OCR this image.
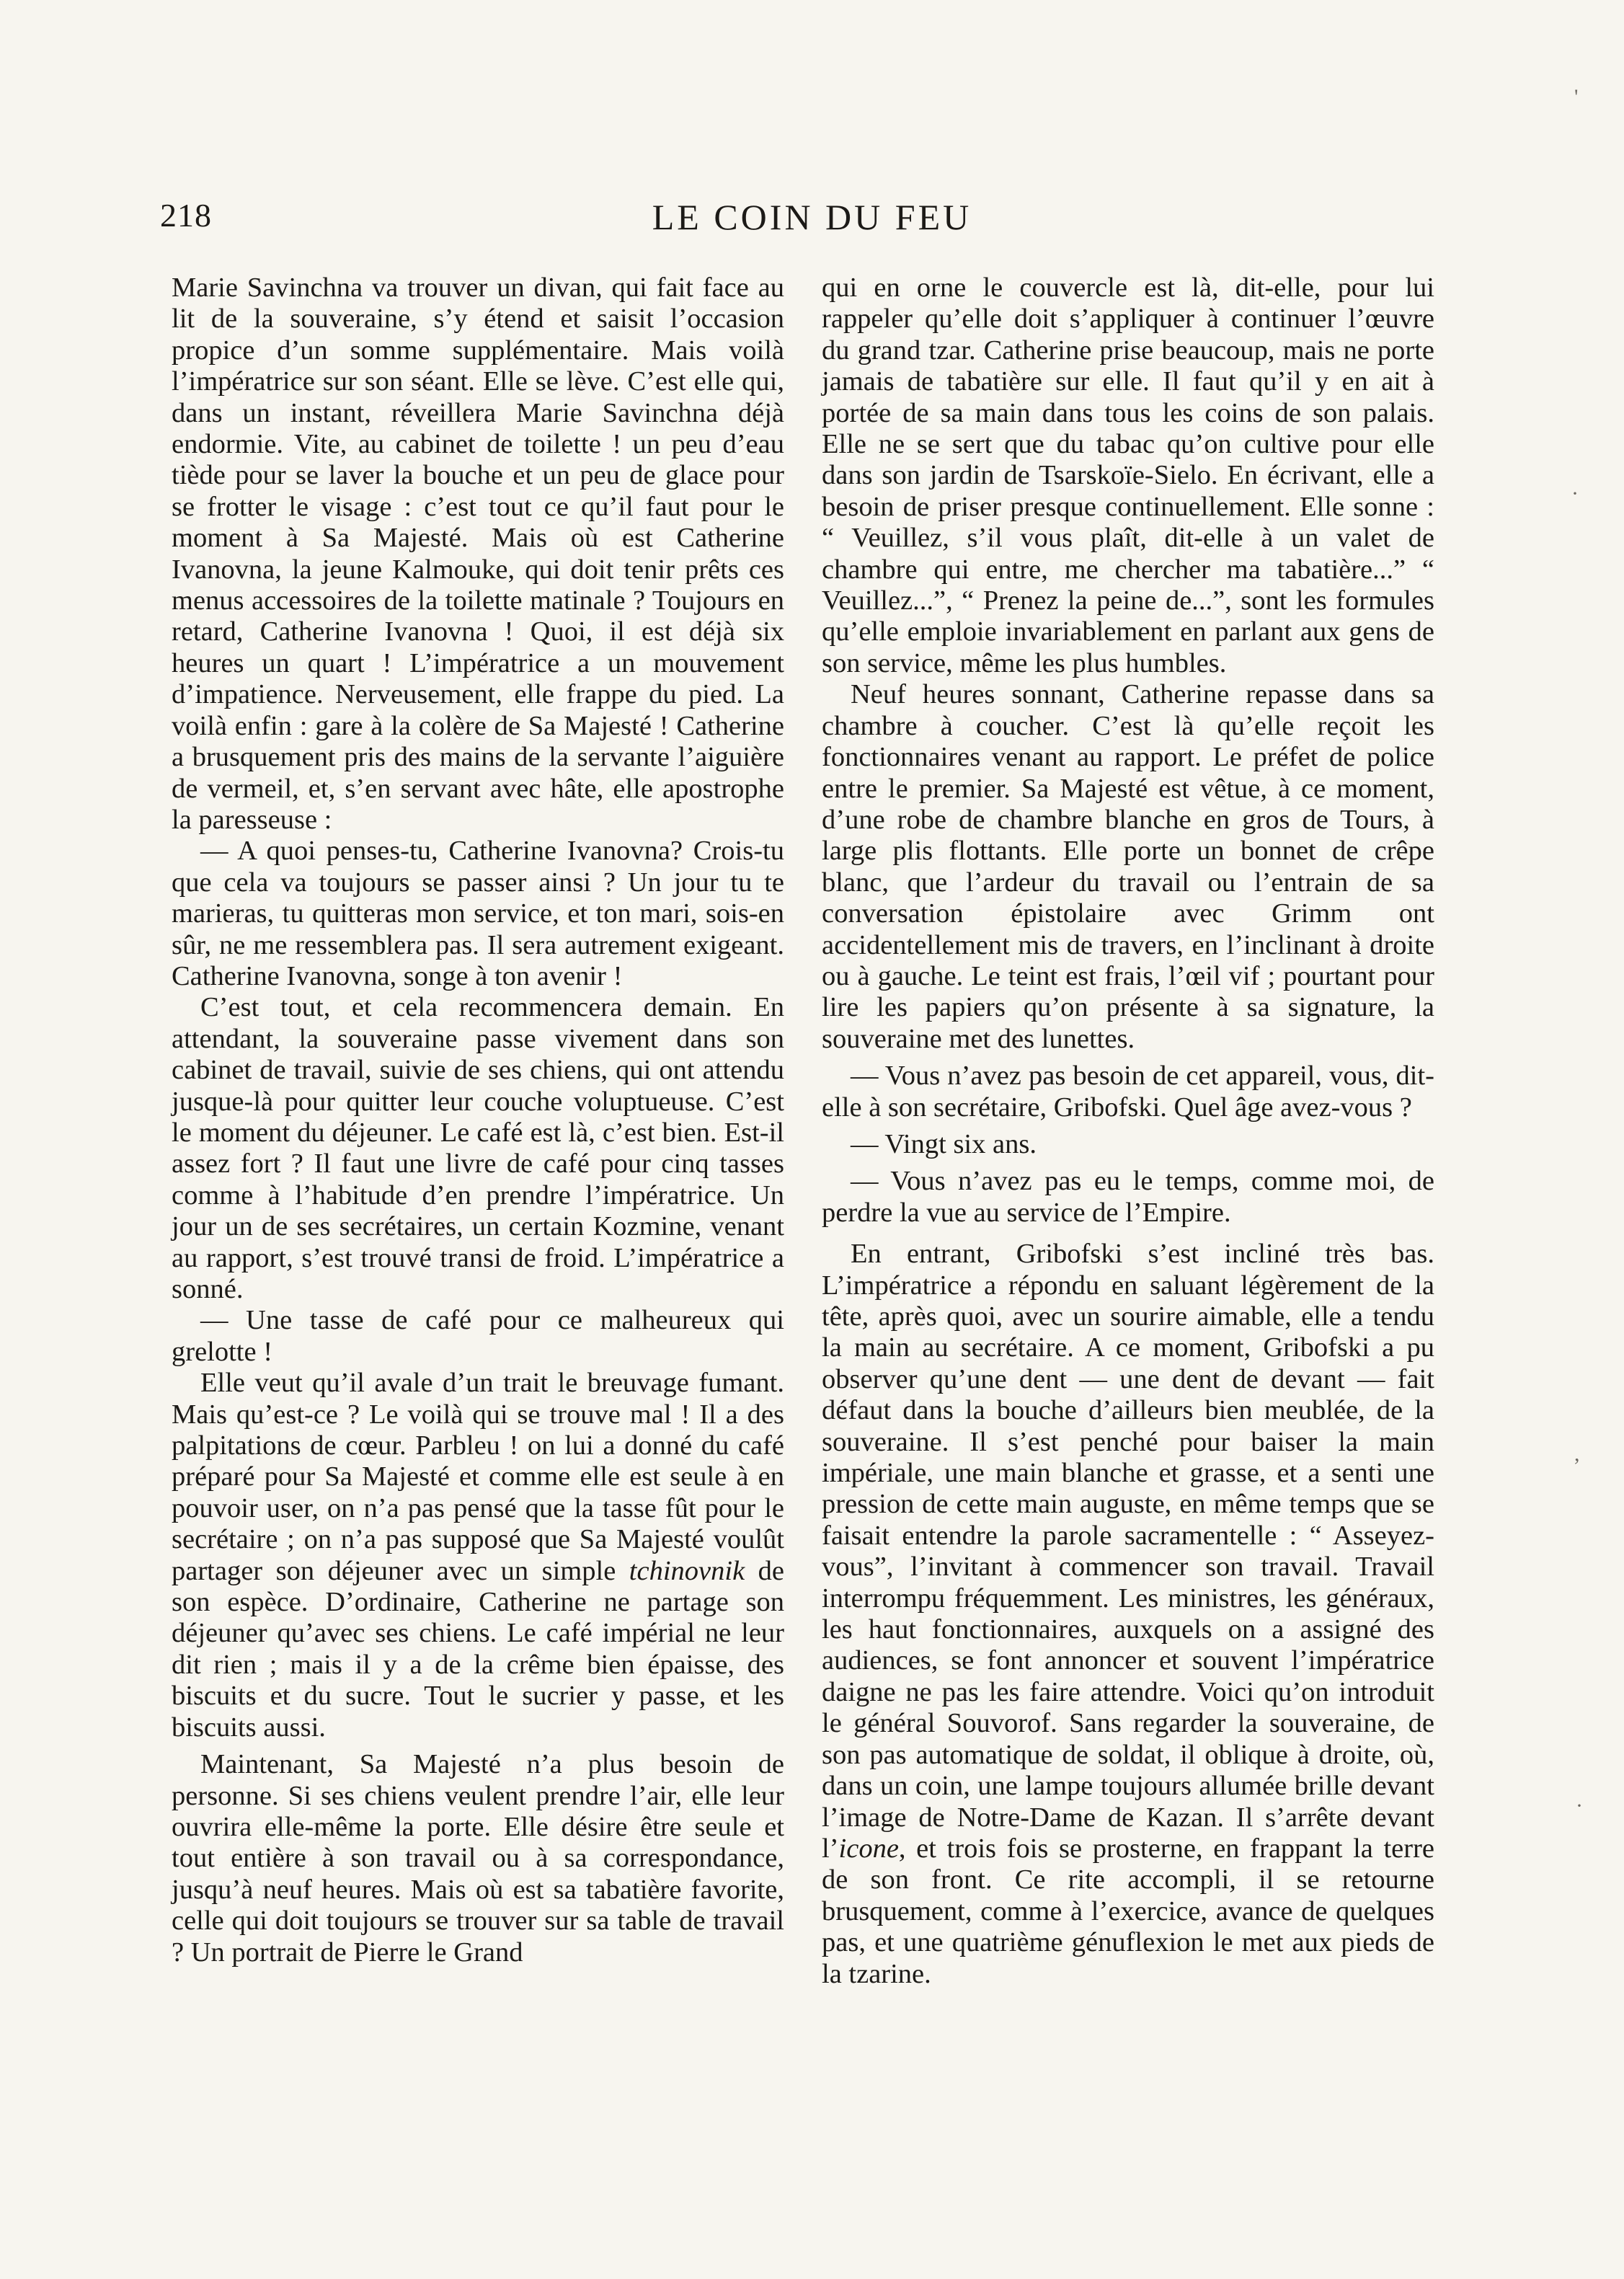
218	LE COIN DU FEU

Marie Savinchna va trouver un divan, qui fait face au lit de la souveraine, s’y étend et saisit l’occasion propice d’un somme supplémentaire. Mais voilà l’impératrice sur son séant. Elle se lève. C’est elle qui, dans un instant, réveillera Marie Savinchna déjà endormie. Vite, au cabinet de toilette ! un peu d’eau tiède pour se laver la bouche et un peu de glace pour se frotter le visage : c’est tout ce qu’il faut pour le moment à Sa Majesté. Mais où est Catherine Ivanovna, la jeune Kalmouke, qui doit tenir prêts ces menus accessoires de la toilette matinale ? Toujours en retard, Catherine Ivanovna ! Quoi, il est déjà six heures un quart ! L’impératrice a un mouvement d’impatience. Nerveusement, elle frappe du pied. La voilà enfin : gare à la colère de Sa Majesté ! Catherine a brusquement pris des mains de la servante l’aiguière de vermeil, et, s’en servant avec hâte, elle apostrophe la paresseuse :

— A quoi penses-tu, Catherine Ivanovna? Crois-tu que cela va toujours se passer ainsi ? Un jour tu te marieras, tu quitteras mon service, et ton mari, sois-en sûr, ne me ressemblera pas. Il sera autrement exigeant. Catherine Ivanovna, songe à ton avenir !

C’est tout, et cela recommencera demain. En attendant, la souveraine passe vivement dans son cabinet de travail, suivie de ses chiens, qui ont attendu jusque-là pour quitter leur couche voluptueuse. C’est le moment du déjeuner. Le café est là, c’est bien. Est-il assez fort ? Il faut une livre de café pour cinq tasses comme à l’habitude d’en prendre l’impératrice. Un jour un de ses secrétaires, un certain Kozmine, venant au rapport, s’est trouvé transi de froid. L’impératrice a sonné.

— Une tasse de café pour ce malheureux qui grelotte !

Elle veut qu’il avale d’un trait le breuvage fumant. Mais qu’est-ce ? Le voilà qui se trouve mal ! Il a des palpitations de cœur. Parbleu ! on lui a donné du café préparé pour Sa Majesté et comme elle est seule à en pouvoir user, on n’a pas pensé que la tasse fût pour le secrétaire ; on n’a pas supposé que Sa Majesté voulût partager son déjeuner avec un simple tchinovnik de son espèce. D’ordinaire, Catherine ne partage son déjeuner qu’avec ses chiens. Le café impérial ne leur dit rien ; mais il y a de la crême bien épaisse, des biscuits et du sucre. Tout le sucrier y passe, et les biscuits aussi.

Maintenant, Sa Majesté n’a plus besoin de personne. Si ses chiens veulent prendre l’air, elle leur ouvrira elle-même la porte. Elle désire être seule et tout entière à son travail ou à sa correspondance, jusqu’à neuf heures. Mais où est sa tabatière favorite, celle qui doit toujours se trouver sur sa table de travail ? Un portrait de Pierre le Grand

qui en orne le couvercle est là, dit-elle, pour lui rappeler qu’elle doit s’appliquer à continuer l’œuvre du grand tzar. Catherine prise beaucoup, mais ne porte jamais de tabatière sur elle. Il faut qu’il y en ait à portée de sa main dans tous les coins de son palais. Elle ne se sert que du tabac qu’on cultive pour elle dans son jardin de Tsarskoïe-Sielo. En écrivant, elle a besoin de priser presque continuellement. Elle sonne : “ Veuillez, s’il vous plaît, dit-elle à un valet de chambre qui entre, me chercher ma tabatière...” “ Veuillez...”, “ Prenez la peine de...”, sont les formules qu’elle emploie invariablement en parlant aux gens de son service, même les plus humbles.

Neuf heures sonnant, Catherine repasse dans sa chambre à coucher. C’est là qu’elle reçoit les fonctionnaires venant au rapport. Le préfet de police entre le premier. Sa Majesté est vêtue, à ce moment, d’une robe de chambre blanche en gros de Tours, à large plis flottants. Elle porte un bonnet de crêpe blanc, que l’ardeur du travail ou l’entrain de sa conversation épistolaire avec Grimm ont accidentellement mis de travers, en l’inclinant à droite ou à gauche. Le teint est frais, l’œil vif ; pourtant pour lire les papiers qu’on présente à sa signature, la souveraine met des lunettes.

— Vous n’avez pas besoin de cet appareil, vous, dit-elle à son secrétaire, Gribofski. Quel âge avez-vous ?

— Vingt six ans.

— Vous n’avez pas eu le temps, comme moi, de perdre la vue au service de l’Empire.

En entrant, Gribofski s’est incliné très bas. L’impératrice a répondu en saluant légèrement de la tête, après quoi, avec un sourire aimable, elle a tendu la main au secrétaire. A ce moment, Gribofski a pu observer qu’une dent — une dent de devant — fait défaut dans la bouche d’ailleurs bien meublée, de la souveraine. Il s’est penché pour baiser la main impériale, une main blanche et grasse, et a senti une pression de cette main auguste, en même temps que se faisait entendre la parole sacramentelle : “ Asseyez-vous”, l’invitant à commencer son travail. Travail interrompu fréquemment. Les ministres, les généraux, les haut fonctionnaires, auxquels on a assigné des audiences, se font annoncer et souvent l’impératrice daigne ne pas les faire attendre. Voici qu’on introduit le général Souvorof. Sans regarder la souveraine, de son pas automatique de soldat, il oblique à droite, où, dans un coin, une lampe toujours allumée brille devant l’image de Notre-Dame de Kazan. Il s’arrête devant l’icone, et trois fois se prosterne, en frappant la terre de son front. Ce rite accompli, il se retourne brusquement, comme à l’exercice, avance de quelques pas, et une quatrième génuflexion le met aux pieds de la tzarine.

'
·
,
·
